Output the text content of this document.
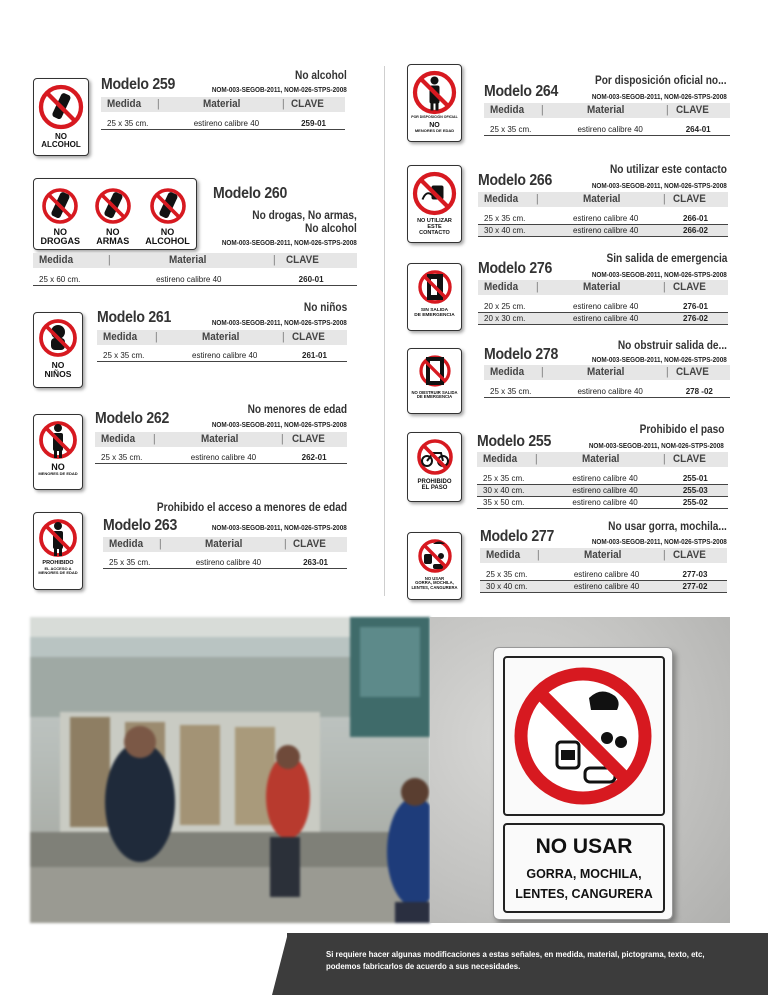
NO
ALCOHOL
Modelo 259	No alcohol
NOM-003-SEGOB-2011, NOM-026-STPS-2008
Medida |	Material	| CLAVE
25 x 35 cm.	estireno calibre 40	259-01
NO
DROGAS
NO
ARMAS
NO
ALCOHOL
Modelo 260
No drogas, No armas,
No alcohol
NOM-003-SEGOB-2011, NOM-026-STPS-2008
Medida	|	Material	| CLAVE
25 x 60 cm.	estireno calibre 40	260-01
NO
NIÑOS
Modelo 261
No niños
NOM-003-SEGOB-2011, NOM-026-STPS-2008
Medida |	Material	| CLAVE
25 x 35 cm.	estireno calibre 40	261-01
NO
MENORES DE EDAD
Modelo 262	No menores de edad
NOM-003-SEGOB-2011, NOM-026-STPS-2008
Medida |	Material	| CLAVE
25 x 35 cm.	estireno calibre 40	262-01
PROHIBIDO
EL ACCESO A
MENORES DE EDAD
Modelo 263
Prohibido el acceso a menores de edad
NOM-003-SEGOB-2011, NOM-026-STPS-2008
Medida |	Material	| CLAVE
25 x 35 cm.	estireno calibre 40	263-01
POR DISPOSICIÓN OFICIAL
NO
MENORES DE EDAD
Modelo 264
Por disposición oficial no...
NOM-003-SEGOB-2011, NOM-026-STPS-2008
Medida |	Material	| CLAVE
25 x 35 cm.	estireno calibre 40	264-01
NO UTILIZAR
ESTE
CONTACTO
Modelo 266
No utilizar este contacto
NOM-003-SEGOB-2011, NOM-026-STPS-2008
Medida |	Material	| CLAVE
25 x 35 cm.	estireno calibre 40	266-01
30 x 40 cm.	estireno calibre 40	266-02
SIN SALIDA
DE EMERGENCIA
Modelo 276
Sin salida de emergencia
NOM-003-SEGOB-2011, NOM-026-STPS-2008
Medida |	Material	| CLAVE
20 x 25 cm.	estireno calibre 40	276-01
20 x 30 cm.	estireno calibre 40	276-02
NO OBSTRUIR SALIDA
DE EMERGENCIA
Modelo 278	No obstruir salida de...
NOM-003-SEGOB-2011, NOM-026-STPS-2008
Medida |	Material	| CLAVE
25 x 35 cm.	estireno calibre 40	278 -02
PROHIBIDO
EL PASO
Modelo 255
Prohibido el paso
NOM-003-SEGOB-2011, NOM-026-STPS-2008
Medida |	Material	| CLAVE
25 x 35 cm.	estireno calibre 40	255-01
30 x 40 cm.	estireno calibre 40	255-03
35 x 50 cm.	estireno calibre 40	255-02
NO USAR
GORRA, MOCHILA,
LENTES, CANGURERA
Modelo 277
No usar gorra, mochila...
NOM-003-SEGOB-2011, NOM-026-STPS-2008
Medida |	Material	| CLAVE
25 x 35 cm.	estireno calibre 40	277-03
30 x 40 cm.	estireno calibre 40	277-02
NO USAR
GORRA, MOCHILA,
LENTES, CANGURERA
Si requiere hacer algunas modificaciones a estas señales, en medida, material, pictograma, texto, etc, podemos fabricarlos de acuerdo a sus necesidades.
